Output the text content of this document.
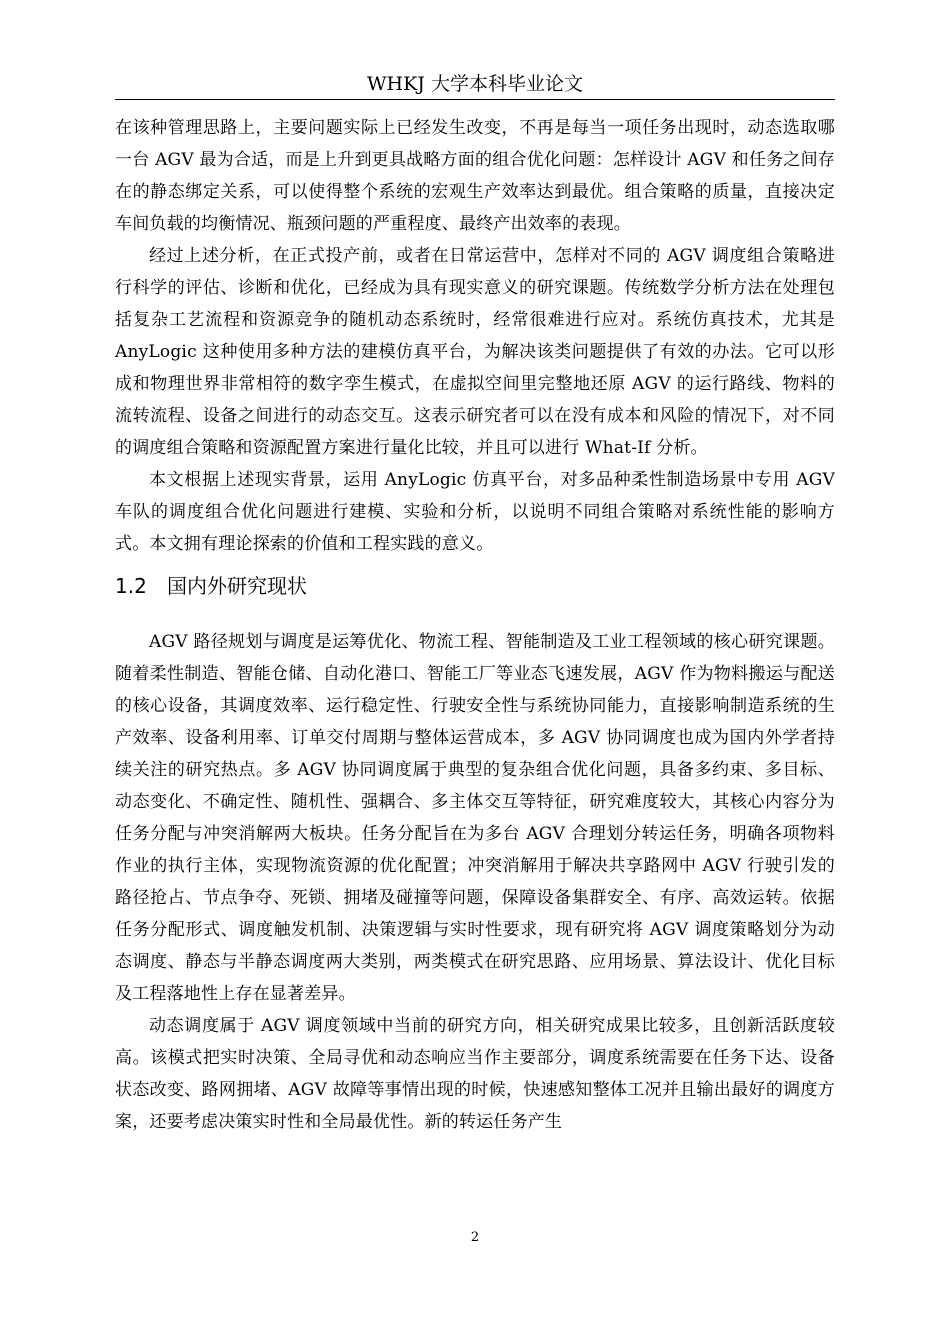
WHKJ 大学本科毕业论文

在该种管理思路上，主要问题实际上已经发生改变，不再是每当一项任务出现时，动态选取哪一台 AGV 最为合适，而是上升到更具战略方面的组合优化问题：怎样设计 AGV 和任务之间存在的静态绑定关系，可以使得整个系统的宏观生产效率达到最优。组合策略的质量，直接决定车间负载的均衡情况、瓶颈问题的严重程度、最终产出效率的表现。

经过上述分析，在正式投产前，或者在日常运营中，怎样对不同的 AGV 调度组合策略进行科学的评估、诊断和优化，已经成为具有现实意义的研究课题。传统数学分析方法在处理包括复杂工艺流程和资源竞争的随机动态系统时，经常很难进行应对。系统仿真技术，尤其是 AnyLogic 这种使用多种方法的建模仿真平台，为解决该类问题提供了有效的办法。它可以形成和物理世界非常相符的数字孪生模式，在虚拟空间里完整地还原 AGV 的运行路线、物料的流转流程、设备之间进行的动态交互。这表示研究者可以在没有成本和风险的情况下，对不同的调度组合策略和资源配置方案进行量化比较，并且可以进行 What-If 分析。

本文根据上述现实背景，运用 AnyLogic 仿真平台，对多品种柔性制造场景中专用 AGV 车队的调度组合优化问题进行建模、实验和分析，以说明不同组合策略对系统性能的影响方式。本文拥有理论探索的价值和工程实践的意义。

1.2 国内外研究现状

AGV 路径规划与调度是运筹优化、物流工程、智能制造及工业工程领域的核心研究课题。随着柔性制造、智能仓储、自动化港口、智能工厂等业态飞速发展，AGV 作为物料搬运与配送的核心设备，其调度效率、运行稳定性、行驶安全性与系统协同能力，直接影响制造系统的生产效率、设备利用率、订单交付周期与整体运营成本，多 AGV 协同调度也成为国内外学者持续关注的研究热点。多 AGV 协同调度属于典型的复杂组合优化问题，具备多约束、多目标、动态变化、不确定性、随机性、强耦合、多主体交互等特征，研究难度较大，其核心内容分为任务分配与冲突消解两大板块。任务分配旨在为多台 AGV 合理划分转运任务，明确各项物料作业的执行主体，实现物流资源的优化配置；冲突消解用于解决共享路网中 AGV 行驶引发的路径抢占、节点争夺、死锁、拥堵及碰撞等问题，保障设备集群安全、有序、高效运转。依据任务分配形式、调度触发机制、决策逻辑与实时性要求，现有研究将 AGV 调度策略划分为动态调度、静态与半静态调度两大类别，两类模式在研究思路、应用场景、算法设计、优化目标及工程落地性上存在显著差异。

动态调度属于 AGV 调度领域中当前的研究方向，相关研究成果比较多，且创新活跃度较高。该模式把实时决策、全局寻优和动态响应当作主要部分，调度系统需要在任务下达、设备状态改变、路网拥堵、AGV 故障等事情出现的时候，快速感知整体工况并且输出最好的调度方案，还要考虑决策实时性和全局最优性。新的转运任务产生

2
